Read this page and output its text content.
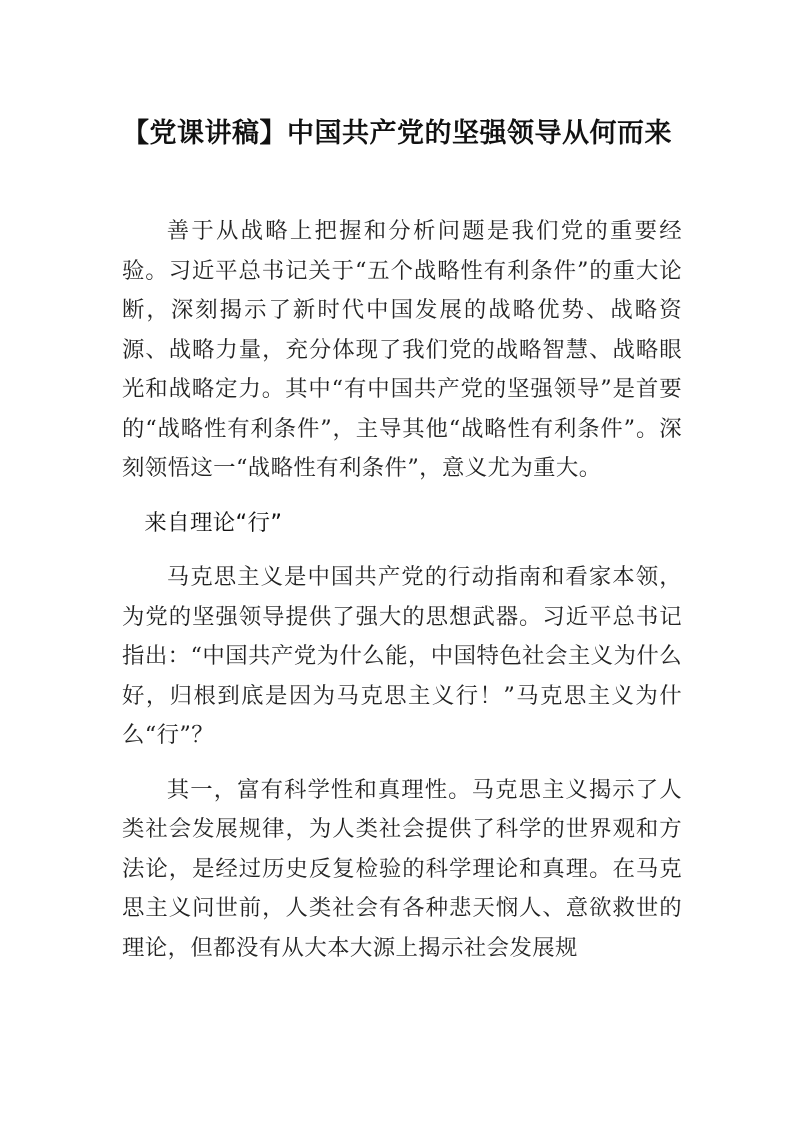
【党课讲稿】中国共产党的坚强领导从何而来

善于从战略上把握和分析问题是我们党的重要经验。习近平总书记关于“五个战略性有利条件”的重大论断，深刻揭示了新时代中国发展的战略优势、战略资源、战略力量，充分体现了我们党的战略智慧、战略眼光和战略定力。其中“有中国共产党的坚强领导”是首要的“战略性有利条件”，主导其他“战略性有利条件”。深刻领悟这一“战略性有利条件”，意义尤为重大。

来自理论“行”

马克思主义是中国共产党的行动指南和看家本领，为党的坚强领导提供了强大的思想武器。习近平总书记指出：“中国共产党为什么能，中国特色社会主义为什么好，归根到底是因为马克思主义行！”马克思主义为什么“行”？

其一，富有科学性和真理性。马克思主义揭示了人类社会发展规律，为人类社会提供了科学的世界观和方法论，是经过历史反复检验的科学理论和真理。在马克思主义问世前，人类社会有各种悲天悯人、意欲救世的理论，但都没有从大本大源上揭示社会发展规
